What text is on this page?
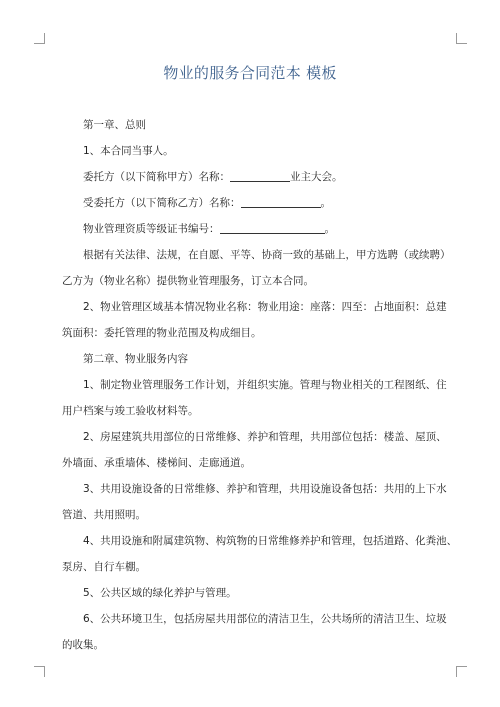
物业的服务合同范本 模板
第一章、总则
1、本合同当事人。
委托方（以下简称甲方）名称：	业主大会。
受委托方（以下简称乙方）名称：	。
物业管理资质等级证书编号：	。
根据有关法律、法规，在自愿、平等、协商一致的基础上，甲方选聘（或续聘）
乙方为（物业名称）提供物业管理服务，订立本合同。
2、物业管理区域基本情况物业名称：物业用途：座落：四至：占地面积：总建
筑面积：委托管理的物业范围及构成细目。
第二章、物业服务内容
1、制定物业管理服务工作计划，并组织实施。管理与物业相关的工程图纸、住
用户档案与竣工验收材料等。
2、房屋建筑共用部位的日常维修、养护和管理，共用部位包括：楼盖、屋顶、
外墙面、承重墙体、楼梯间、走廊通道。
3、共用设施设备的日常维修、养护和管理，共用设施设备包括：共用的上下水
管道、共用照明。
4、共用设施和附属建筑物、构筑物的日常维修养护和管理，包括道路、化粪池、
泵房、自行车棚。
5、公共区域的绿化养护与管理。
6、公共环境卫生，包括房屋共用部位的清洁卫生，公共场所的清洁卫生、垃圾
的收集。
